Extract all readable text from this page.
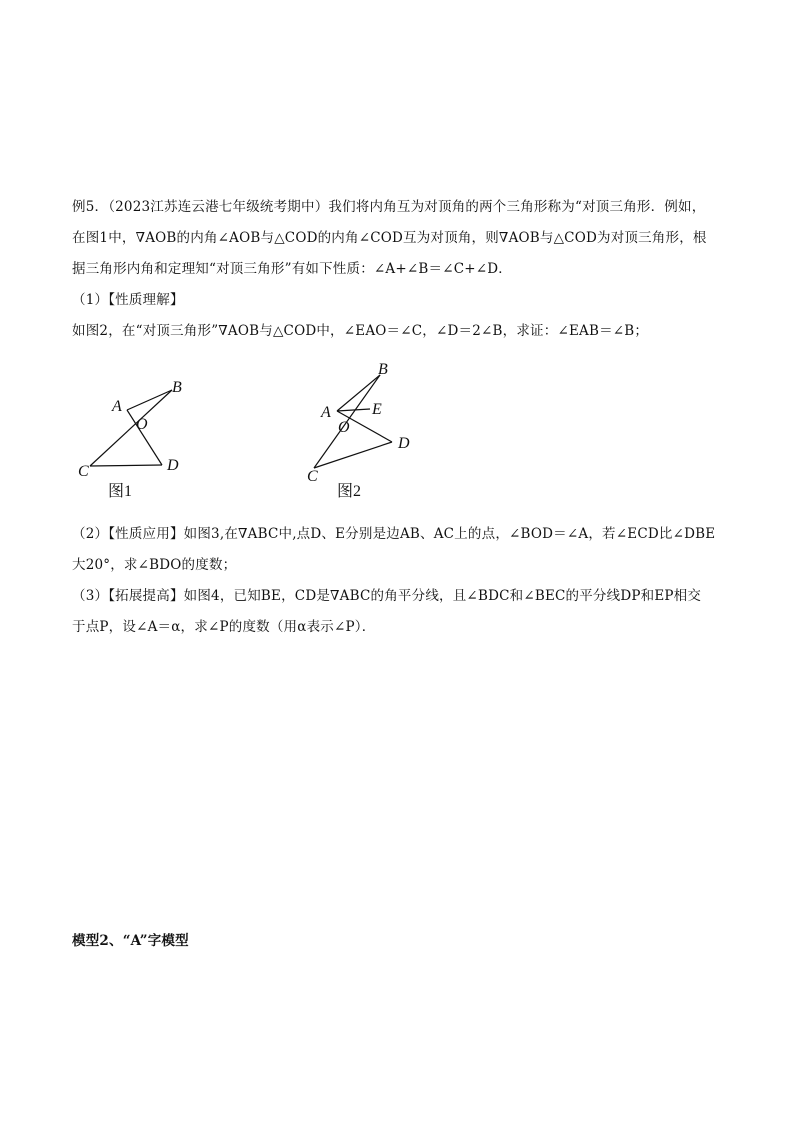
例5．（2023江苏连云港七年级统考期中）我们将内角互为对顶角的两个三角形称为“对顶三角形．例如，
在图1中，∇AOB的内角∠AOB与△COD的内角∠COD互为对顶角，则∇AOB与△COD为对顶三角形，根
据三角形内角和定理知“对顶三角形”有如下性质：∠A+∠B＝∠C+∠D．
（1）【性质理解】
如图2，在“对顶三角形”∇AOB与△COD中，∠EAO＝∠C，∠D＝2∠B，求证：∠EAB＝∠B；
B
A
O
C	D
图1
B
A	E
O
D
C
图2
（2）【性质应用】如图3,在∇ABC中,点D、E分别是边AB、AC上的点，∠BOD＝∠A，若∠ECD比∠DBE
大20°，求∠BDO的度数；
（3）【拓展提高】如图4，已知BE，CD是∇ABC的角平分线，且∠BDC和∠BEC的平分线DP和EP相交
于点P，设∠A＝α，求∠P的度数（用α表示∠P）．
模型2、“A”字模型
